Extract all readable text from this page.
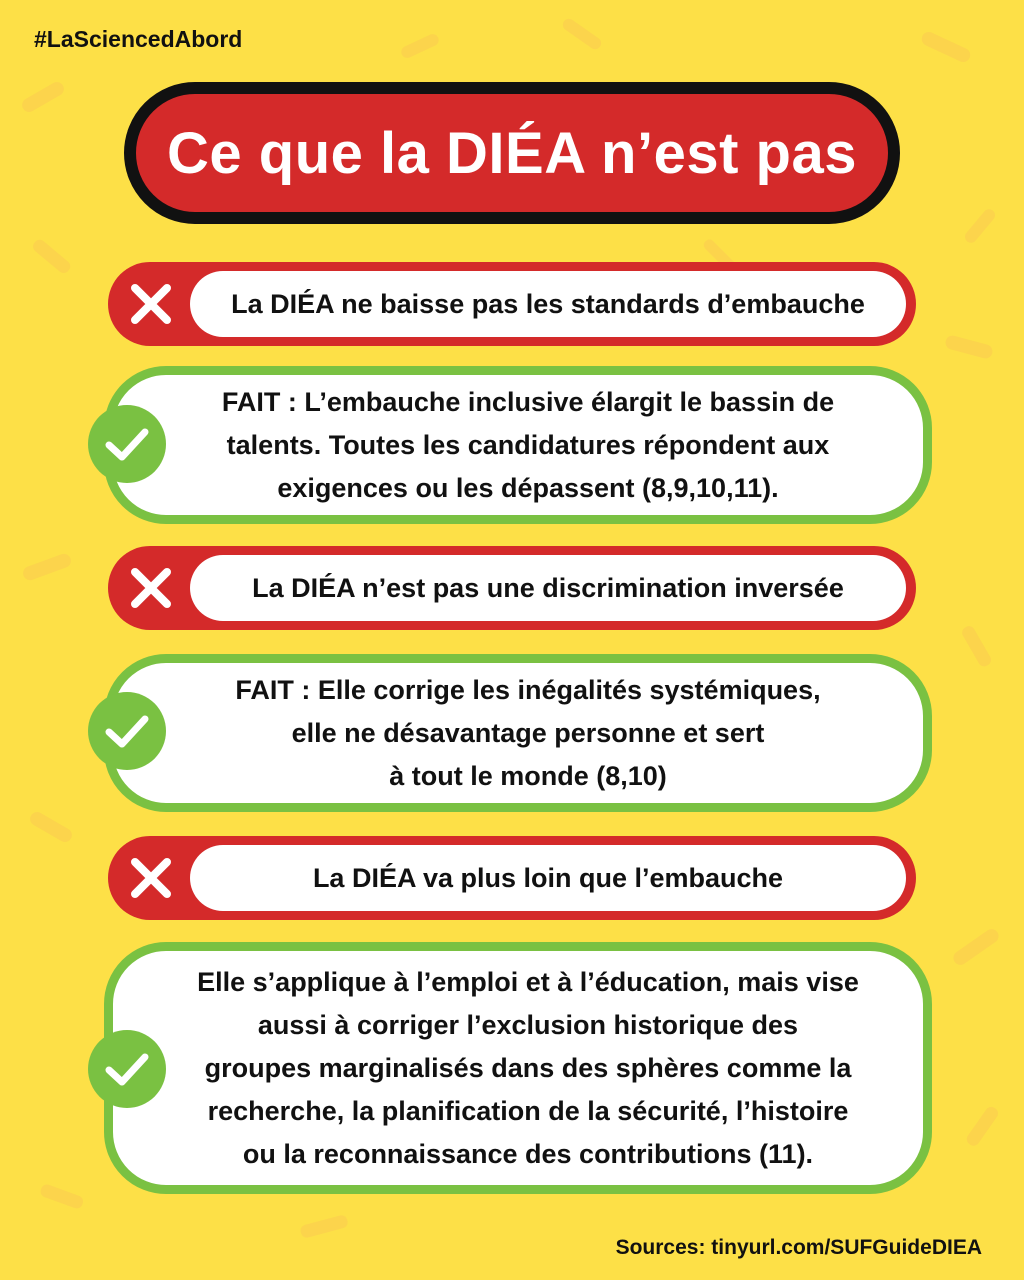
#LaSciencedAbord
Ce que la DIÉA n’est pas
La DIÉA ne baisse pas les standards d’embauche

FAIT : L’embauche inclusive élargit le bassin de
talents. Toutes les candidatures répondent aux
exigences ou les dépassent (8,9,10,11).

La DIÉA n’est pas une discrimination inversée

FAIT : Elle corrige les inégalités systémiques,
elle ne désavantage personne et sert
à tout le monde (8,10)

La DIÉA va plus loin que l’embauche

Elle s’applique à l’emploi et à l’éducation, mais vise
aussi à corriger l’exclusion historique des
groupes marginalisés dans des sphères comme la
recherche, la planification de la sécurité, l’histoire
ou la reconnaissance des contributions (11).

Sources: tinyurl.com/SUFGuideDIEA
